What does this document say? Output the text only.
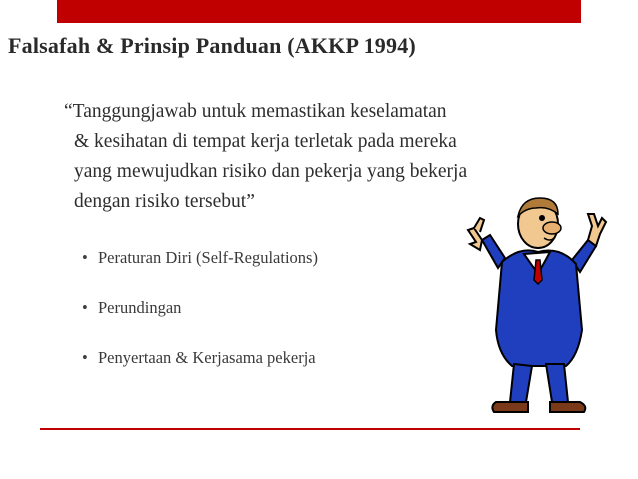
Falsafah & Prinsip Panduan (AKKP 1994)
“Tanggungjawab untuk memastikan keselamatan
& kesihatan di tempat kerja terletak pada mereka
yang mewujudkan risiko dan pekerja yang bekerja
dengan risiko tersebut”
• Peraturan Diri (Self-Regulations)
• Perundingan
• Penyertaan & Kerjasama pekerja
